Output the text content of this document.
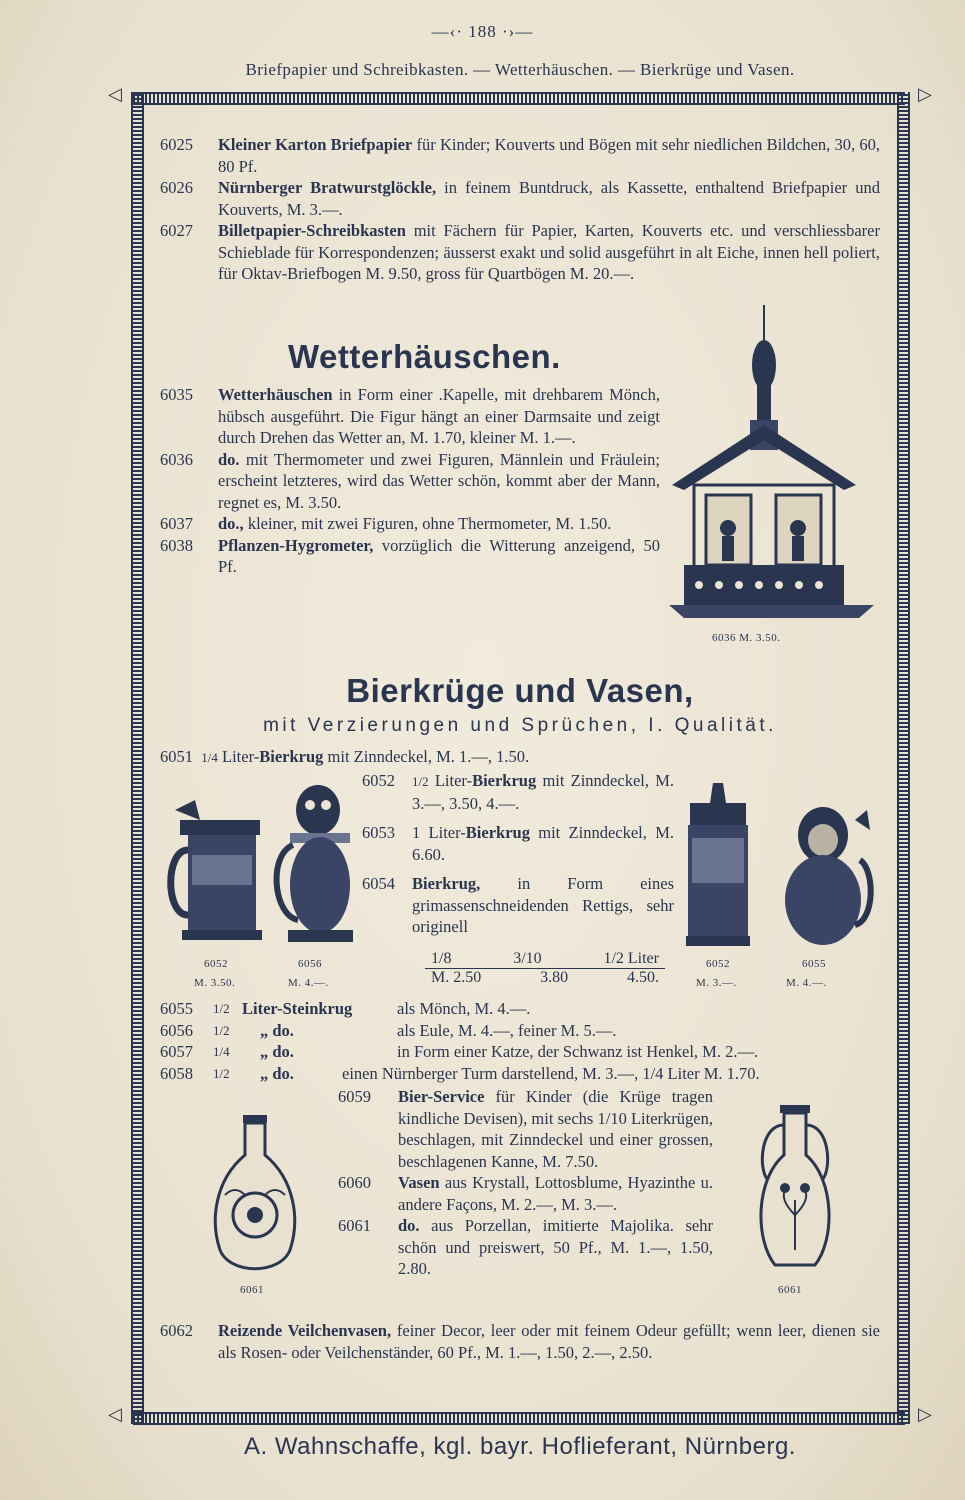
—‹· 188 ·›—
Briefpapier und Schreibkasten. — Wetterhäuschen. — Bierkrüge und Vasen.
◁	▷
◁	▷

6025 Kleiner Karton Briefpapier für Kinder; Kouverts und Bögen mit sehr niedlichen Bildchen, 30, 60, 80 Pf.

6026 Nürnberger Bratwurstglöckle, in feinem Buntdruck, als Kassette, enthaltend Briefpapier und Kouverts, M. 3.—.

6027 Billetpapier-Schreibkasten mit Fächern für Papier, Karten, Kouverts etc. und verschliessbarer Schieblade für Korrespondenzen; äusserst exakt und solid ausgeführt in alt Eiche, innen hell poliert, für Oktav-Briefbogen M. 9.50, gross für Quartbögen M. 20.—.

Wetterhäuschen.

6035 Wetterhäuschen in Form einer .Kapelle, mit drehbarem Mönch, hübsch ausgeführt. Die Figur hängt an einer Darmsaite und zeigt durch Drehen das Wetter an, M. 1.70, kleiner M. 1.—.

6036 do. mit Thermometer und zwei Figuren, Männlein und Fräulein; erscheint letzteres, wird das Wetter schön, kommt aber der Mann, regnet es, M. 3.50.

6037 do., kleiner, mit zwei Figuren, ohne Thermometer, M. 1.50.

6038 Pflanzen-Hygrometer, vorzüglich die Witterung anzeigend, 50 Pf.

6036 M. 3.50.
Bierkrüge und Vasen,
mit Verzierungen und Sprüchen, I. Qualität.
6051 1/4 Liter-Bierkrug mit Zinndeckel, M. 1.—, 1.50.

6052 1/2 Liter-Bierkrug mit Zinndeckel, M. 3.—, 3.50, 4.—.

6053 1 Liter-Bierkrug mit Zinndeckel, M. 6.60.

6054 Bierkrug, in Form eines grimassenschneidenden Rettigs, sehr originell

1/8	3/10	1/2 Liter
M. 2.50	3.80	4.50.
6052
M. 3.50.
6056
M. 4.—.
6052
M. 3.—.
6055
M. 4.—.
6055 1/2 Liter-Steinkrug	als Mönch, M. 4.—.
6056 1/2 „ do.	als Eule, M. 4.—, feiner M. 5.—.
6057 1/4 „ do.	in Form einer Katze, der Schwanz ist Henkel, M. 2.—.
6058 1/2 „ do.	einen Nürnberger Turm darstellend, M. 3.—, 1/4 Liter M. 1.70.

6059 Bier-Service für Kinder (die Krüge tragen kindliche Devisen), mit sechs 1/10 Literkrügen, beschlagen, mit Zinndeckel und einer grossen, beschlagenen Kanne, M. 7.50.

6060 Vasen aus Krystall, Lottosblume, Hyazinthe u. andere Façons, M. 2.—, M. 3.—.

6061 do. aus Porzellan, imitierte Majolika. sehr schön und preiswert, 50 Pf., M. 1.—, 1.50, 2.80.

6061	6061

6062 Reizende Veilchenvasen, feiner Decor, leer oder mit feinem Odeur gefüllt; wenn leer, dienen sie als Rosen- oder Veilchenständer, 60 Pf., M. 1.—, 1.50, 2.—, 2.50.

A. Wahnschaffe, kgl. bayr. Hoflieferant, Nürnberg.
